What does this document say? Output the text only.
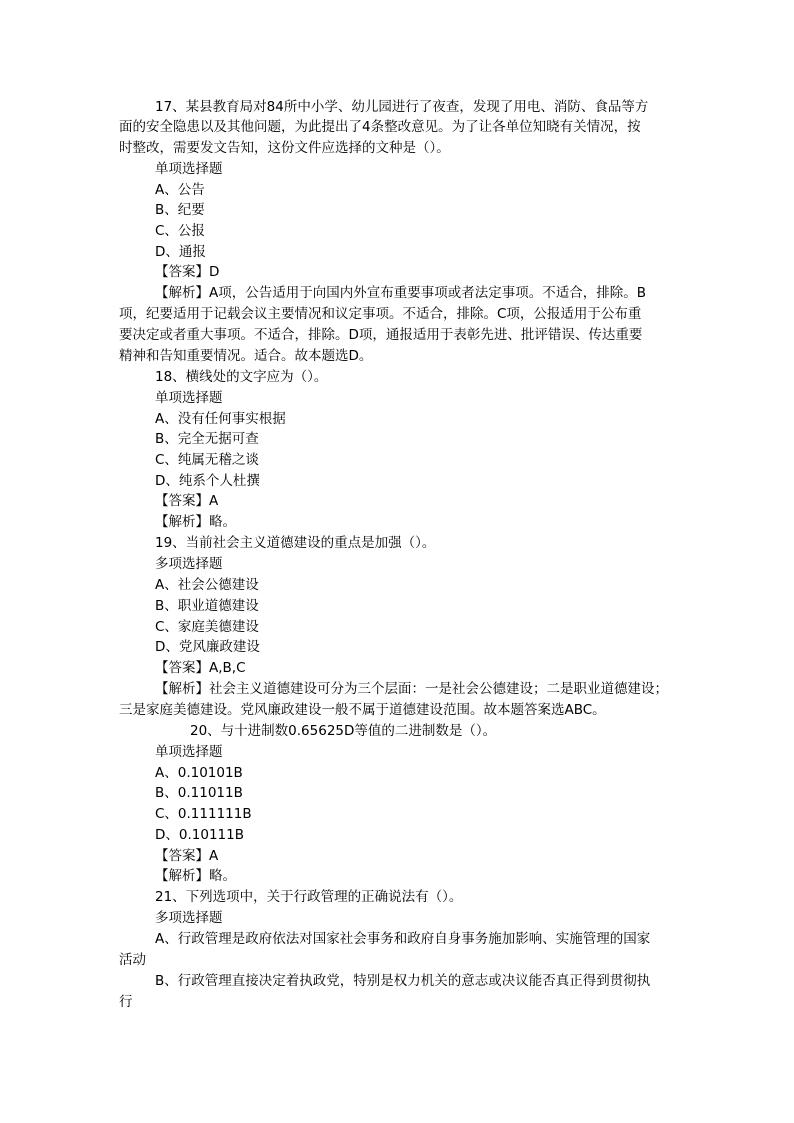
17、某县教育局对84所中小学、幼儿园进行了夜查，发现了用电、消防、食品等方
面的安全隐患以及其他问题，为此提出了4条整改意见。为了让各单位知晓有关情况，按
时整改，需要发文告知，这份文件应选择的文种是（）。
单项选择题
A、公告
B、纪要
C、公报
D、通报
【答案】D
【解析】A项，公告适用于向国内外宣布重要事项或者法定事项。不适合，排除。B
项，纪要适用于记载会议主要情况和议定事项。不适合，排除。C项，公报适用于公布重
要决定或者重大事项。不适合，排除。D项，通报适用于表彰先进、批评错误、传达重要
精神和告知重要情况。适合。故本题选D。
18、横线处的文字应为（）。
单项选择题
A、没有任何事实根据
B、完全无据可查
C、纯属无稽之谈
D、纯系个人杜撰
【答案】A
【解析】略。
19、当前社会主义道德建设的重点是加强（）。
多项选择题
A、社会公德建设
B、职业道德建设
C、家庭美德建设
D、党风廉政建设
【答案】A,B,C
【解析】社会主义道德建设可分为三个层面：一是社会公德建设；二是职业道德建设；
三是家庭美德建设。党风廉政建设一般不属于道德建设范围。故本题答案选ABC。
20、与十进制数0.65625D等值的二进制数是（）。
单项选择题
A、0.10101B
B、0.11011B
C、0.111111B
D、0.10111B
【答案】A
【解析】略。
21、下列选项中，关于行政管理的正确说法有（）。
多项选择题
A、行政管理是政府依法对国家社会事务和政府自身事务施加影响、实施管理的国家
活动
B、行政管理直接决定着执政党，特别是权力机关的意志或决议能否真正得到贯彻执
行
